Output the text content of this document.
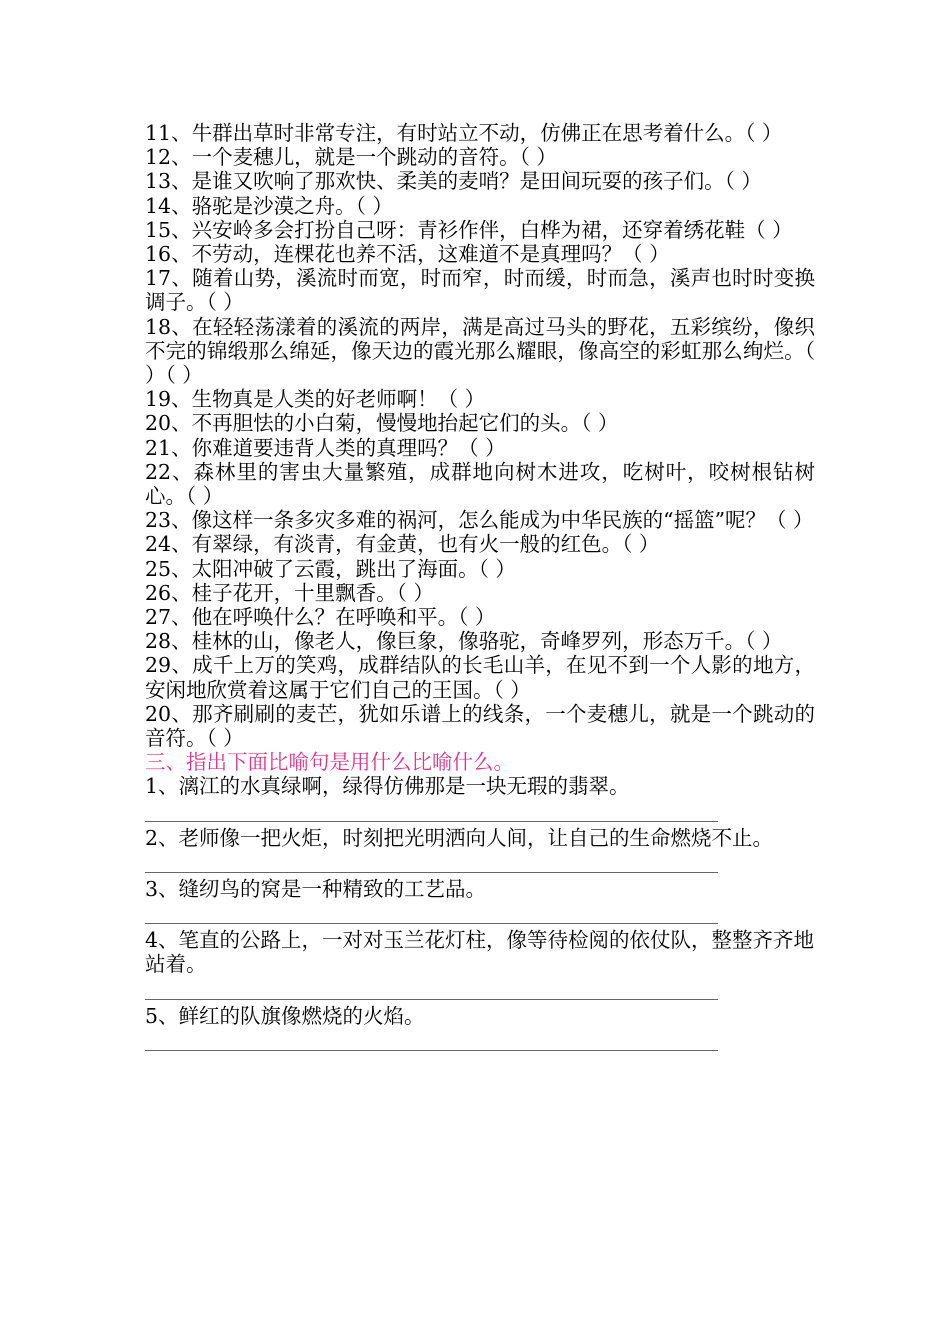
11、牛群出草时非常专注，有时站立不动，仿佛正在思考着什么。（ ）

12、一个麦穗儿，就是一个跳动的音符。（ ）

13、是谁又吹响了那欢快、柔美的麦哨？是田间玩耍的孩子们。（ ）

14、骆驼是沙漠之舟。（ ）

15、兴安岭多会打扮自己呀：青衫作伴，白桦为裙，还穿着绣花鞋（ ）

16、不劳动，连棵花也养不活，这难道不是真理吗？（ ）

17、随着山势，溪流时而宽，时而窄，时而缓，时而急，溪声也时时变换调子。（ ）

18、在轻轻荡漾着的溪流的两岸，满是高过马头的野花，五彩缤纷，像织不完的锦缎那么绵延，像天边的霞光那么耀眼，像高空的彩虹那么绚烂。（ ）（ ）

19、生物真是人类的好老师啊！（ ）

20、不再胆怯的小白菊，慢慢地抬起它们的头。（ ）

21、你难道要违背人类的真理吗？（ ）

22、森林里的害虫大量繁殖，成群地向树木进攻，吃树叶，咬树根钻树心。（ ）

23、像这样一条多灾多难的祸河，怎么能成为中华民族的“摇篮”呢？（ ）

24、有翠绿，有淡青，有金黄，也有火一般的红色。（ ）

25、太阳冲破了云霞，跳出了海面。（ ）

26、桂子花开，十里飘香。（ ）

27、他在呼唤什么？在呼唤和平。（ ）

28、桂林的山，像老人，像巨象，像骆驼，奇峰罗列，形态万千。（ ）

29、成千上万的笑鸡，成群结队的长毛山羊，在见不到一个人影的地方，安闲地欣赏着这属于它们自己的王国。（ ）

20、那齐刷刷的麦芒，犹如乐谱上的线条，一个麦穗儿，就是一个跳动的音符。（ ）

三、指出下面比喻句是用什么比喻什么。

1、漓江的水真绿啊，绿得仿佛那是一块无瑕的翡翠。

2、老师像一把火炬，时刻把光明洒向人间，让自己的生命燃烧不止。

3、缝纫鸟的窝是一种精致的工艺品。

4、笔直的公路上，一对对玉兰花灯柱，像等待检阅的依仗队，整整齐齐地站着。

5、鲜红的队旗像燃烧的火焰。
